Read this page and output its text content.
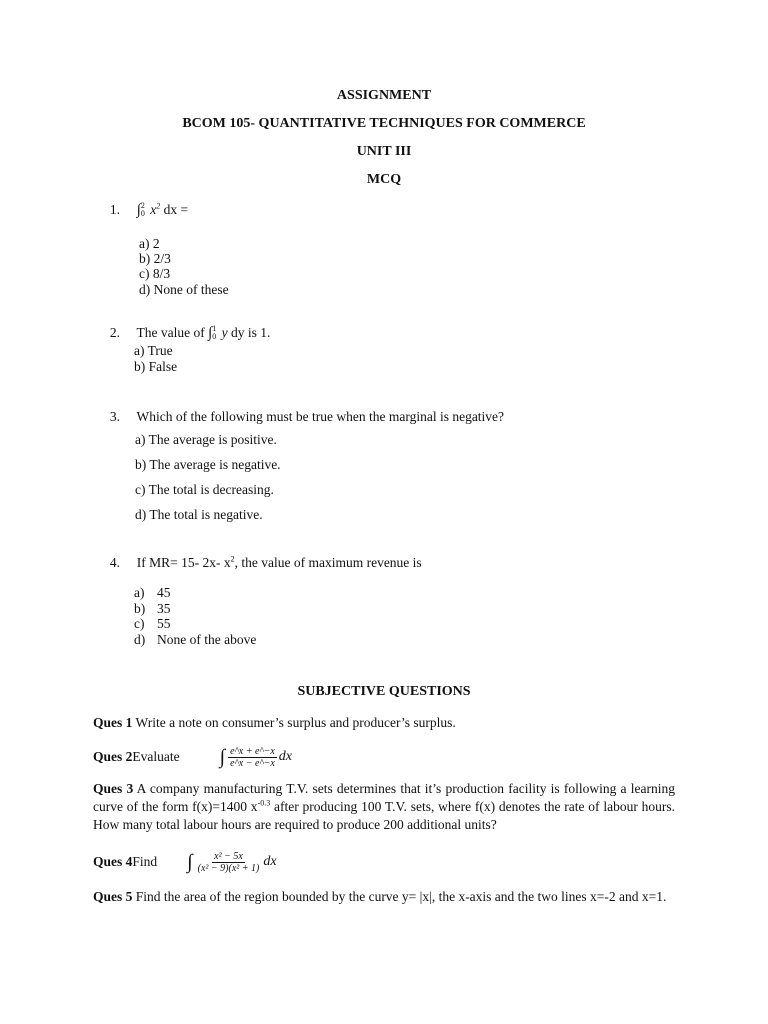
ASSIGNMENT
BCOM 105- QUANTITATIVE TECHNIQUES FOR COMMERCE
UNIT III
MCQ
1. ∫ 2
0 $x^2$ dx =
a) 2
b) 2/3
c) 8/3
d) None of these
2. The value of ∫ 1
0 y dy is 1.
a) True
b) False
3. Which of the following must be true when the marginal is negative?
a) The average is positive.
b) The average is negative.
c) The total is decreasing.
d) The total is negative.
4. If MR= 15- 2x- $x^2$, the value of maximum revenue is
a) 45
b) 35
c) 55
d) None of the above
SUBJECTIVE QUESTIONS
Ques 1 Write a note on consumer’s surplus and producer’s surplus.
Ques 2 Evaluate ∫ $\frac{e\^{}x + e\^{}-x}{e\^{}x - e\^{}-x}$ dx
Ques 3 A company manufacturing T.V. sets determines that it’s production facility is following a learning curve of the form f(x)=1400 $x^{-0.3}$ after producing 100 T.V. sets, where f(x) denotes the rate of labour hours. How many total labour hours are required to produce 200 additional units?
Ques 4 Find ∫ $\frac{\text{x² − 5x}}{\text{(x² − 9)(x² + 1)}}$ dx
Ques 5 Find the area of the region bounded by the curve y= |x|, the x-axis and the two lines x=-2 and x=1.
